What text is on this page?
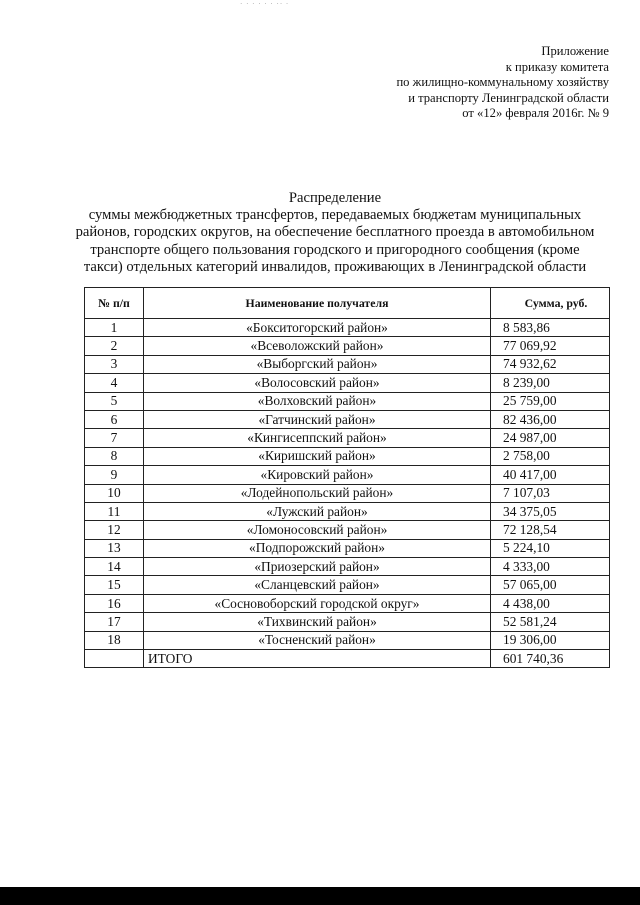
· · · · · · ·· ·
Приложение
к приказу комитета
по жилищно-коммунальному хозяйству
и транспорту Ленинградской области
от «12» февраля 2016г. № 9
Распределение
суммы межбюджетных трансфертов, передаваемых бюджетам муниципальных
районов, городских округов, на обеспечение бесплатного проезда в автомобильном
транспорте общего пользования городского и пригородного сообщения (кроме
такси) отдельных категорий инвалидов, проживающих в Ленинградской области
№ п/п	Наименование получателя	Сумма, руб.
1	«Бокситогорский район»	8 583,86
2	«Всеволожский район»	77 069,92
3	«Выборгский район»	74 932,62
4	«Волосовский район»	8 239,00
5	«Волховский район»	25 759,00
6	«Гатчинский район»	82 436,00
7	«Кингисеппский район»	24 987,00
8	«Киришский район»	2 758,00
9	«Кировский район»	40 417,00
10	«Лодейнопольский район»	7 107,03
11	«Лужский район»	34 375,05
12	«Ломоносовский район»	72 128,54
13	«Подпорожский район»	5 224,10
14	«Приозерский район»	4 333,00
15	«Сланцевский район»	57 065,00
16	«Сосновоборский городской округ»	4 438,00
17	«Тихвинский район»	52 581,24
18	«Тосненский район»	19 306,00
	ИТОГО	601 740,36
